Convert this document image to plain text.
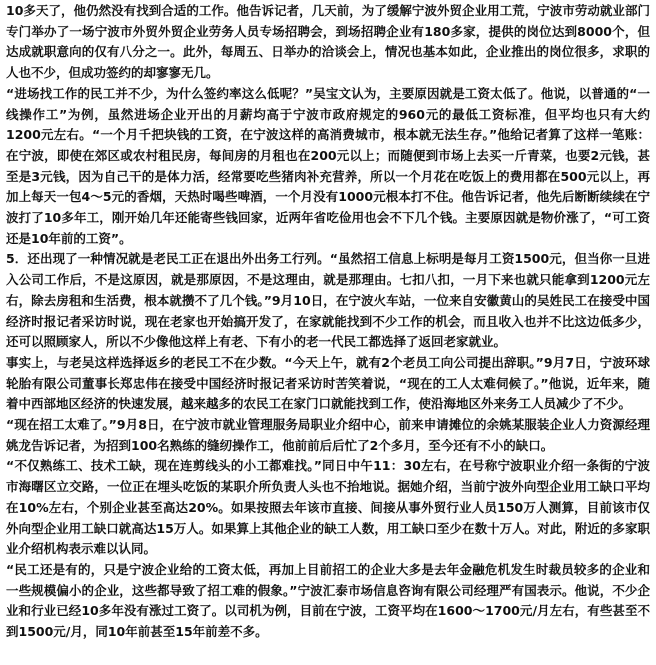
10多天了，他仍然没有找到合适的工作。他告诉记者，几天前，为了缓解宁波外贸企业用工荒，宁波市劳动就业部门专门举办了一场宁波市外贸外贸企业劳务人员专场招聘会，到场招聘企业有180多家，提供的岗位达到8000个，但达成就职意向的仅有八分之一。此外，每周五、日举办的洽谈会上，情况也基本如此，企业推出的岗位很多，求职的人也不少，但成功签约的却寥寥无几。

“进场找工作的民工并不少，为什么签约率这么低呢？”吴宝文认为，主要原因就是工资太低了。他说，以普通的“一线操作工”为例，虽然进场企业开出的月薪均高于宁波市政府规定的960元的最低工资标准，但平均也只有大约1200元左右。“一个月千把块钱的工资，在宁波这样的高消费城市，根本就无法生存。”他给记者算了这样一笔账：在宁波，即使在郊区或农村租民房，每间房的月租也在200元以上；而随便到市场上去买一斤青菜，也要2元钱，甚至是3元钱，因为自己干的是体力活，经常要吃些猪肉补充营养，所以一个月花在吃饭上的费用都在500元以上，再加上每天一包4～5元的香烟，天热时喝些啤酒，一个月没有1000元根本打不住。他告诉记者，他先后断断续续在宁波打了10多年工，刚开始几年还能寄些钱回家，近两年省吃俭用也会不下几个钱。主要原因就是物价涨了，“可工资还是10年前的工资”。

5．还出现了一种情况就是老民工正在退出外出务工行列。“虽然招工信息上标明是每月工资1500元，但当你一旦进入公司工作后，不是这原因，就是那原因，不是这理由，就是那理由。七扣八扣，一月下来也就只能拿到1200元左右，除去房租和生活费，根本就攒不了几个钱。”9月10日，在宁波火车站，一位来自安徽黄山的吴姓民工在接受中国经济时报记者采访时说，现在老家也开始搞开发了，在家就能找到不少工作的机会，而且收入也并不比这边低多少，还可以照顾家人，所以不少像他这样上有老、下有小的老一代民工都选择了返回老家就业。

事实上，与老吴这样选择返乡的老民工不在少数。“今天上午，就有2个老员工向公司提出辞职。”9月7日，宁波环球轮胎有限公司董事长郑忠伟在接受中国经济时报记者采访时苦笑着说，“现在的工人太难伺候了。”他说，近年来，随着中西部地区经济的快速发展，越来越多的农民工在家门口就能找到工作，使沿海地区外来务工人员减少了不少。

“现在招工太难了。”9月8日，在宁波市就业管理服务局职业介绍中心，前来申请摊位的余姚某服装企业人力资源经理姚龙告诉记者，为招到100名熟练的缝纫操作工，他前前后后忙了2个多月，至今还有不小的缺口。

“不仅熟练工、技术工缺，现在连剪线头的小工都难找。”同日中午11：30左右，在号称宁波职业介绍一条街的宁波市海曙区立交路，一位正在埋头吃饭的某职介所负责人头也不抬地说。据她介绍，当前宁波外向型企业用工缺口平均在10%左右，个别企业甚至高达20%。如果按照去年该市直接、间接从事外贸行业人员150万人测算，目前该市仅外向型企业用工缺口就高达15万人。如果算上其他企业的缺工人数，用工缺口至少在数十万人。对此，附近的多家职业介绍机构表示难以认同。

“民工还是有的，只是宁波企业给的工资太低，再加上目前招工的企业大多是去年金融危机发生时裁员较多的企业和一些规模偏小的企业，这些都导致了招工难的假象。”宁波汇泰市场信息咨询有限公司经理严有国表示。他说，不少企业和行业已经10多年没有涨过工资了。以司机为例，目前在宁波，工资平均在1600～1700元/月左右，有些甚至不到1500元/月，同10年前甚至15年前差不多。
